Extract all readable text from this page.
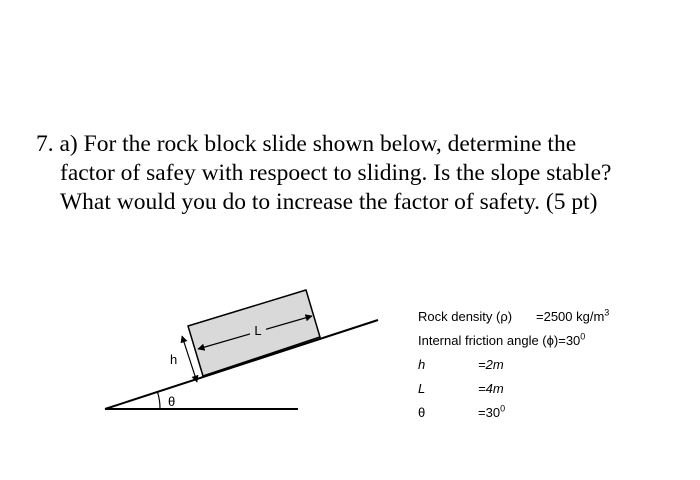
7. a) For the rock block slide shown below, determine the
factor of safey with respoect to sliding. Is the slope stable?
What would you do to increase the factor of safety. (5 pt)
L
h
θ
Rock density (ρ) =2500 $kg/m^3$
Internal friction angle $(\phi)=30^0$
h	=2m
L	=4m
θ	$=30^0$
